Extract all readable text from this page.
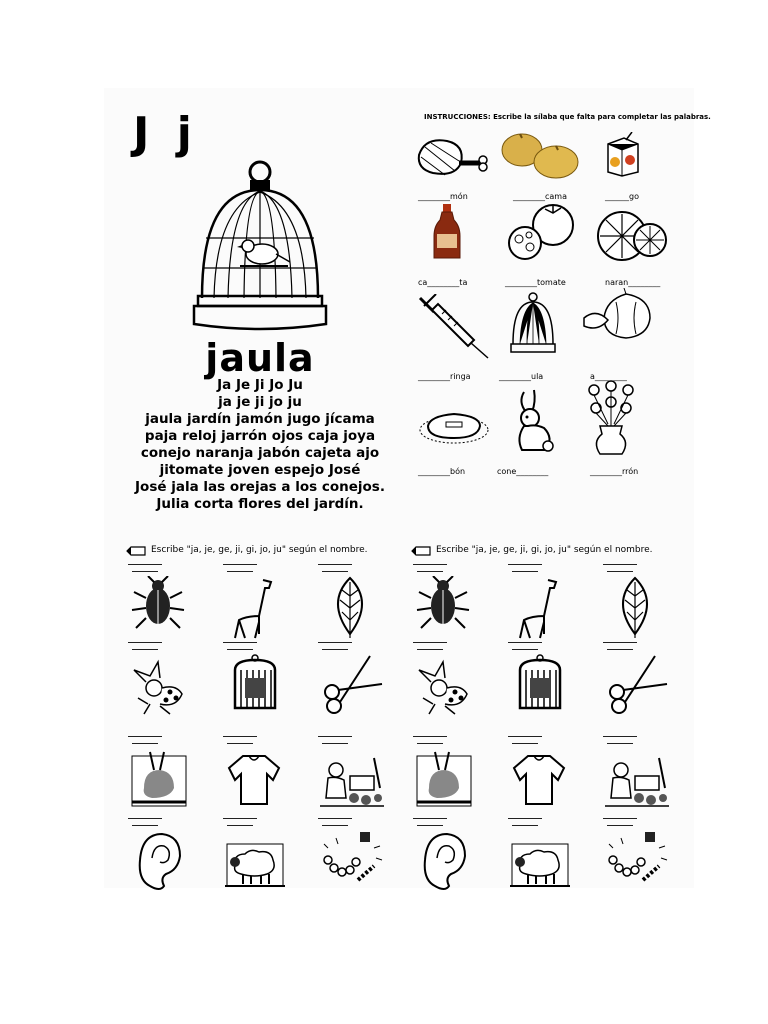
J j
jaula
Ja Je Ji Jo Ju
ja je ji jo ju
jaula jardín jamón jugo jícama
paja reloj jarrón ojos caja joya
conejo naranja jabón cajeta ajo
jitomate joven espejo José
José jala las orejas a los conejos.
Julia corta flores del jardín.
INSTRUCCIONES: Escribe la sílaba que falta para completar las palabras.
________món	________cama	______go
ca________ta	________tomate	naran________
________ringa	________ula	a________
________bón	cone________	________rrón
Escribe "ja, je, ge, ji, gi, jo, ju" según el nombre.	Escribe "ja, je, ge, ji, gi, jo, ju" según el nombre.
